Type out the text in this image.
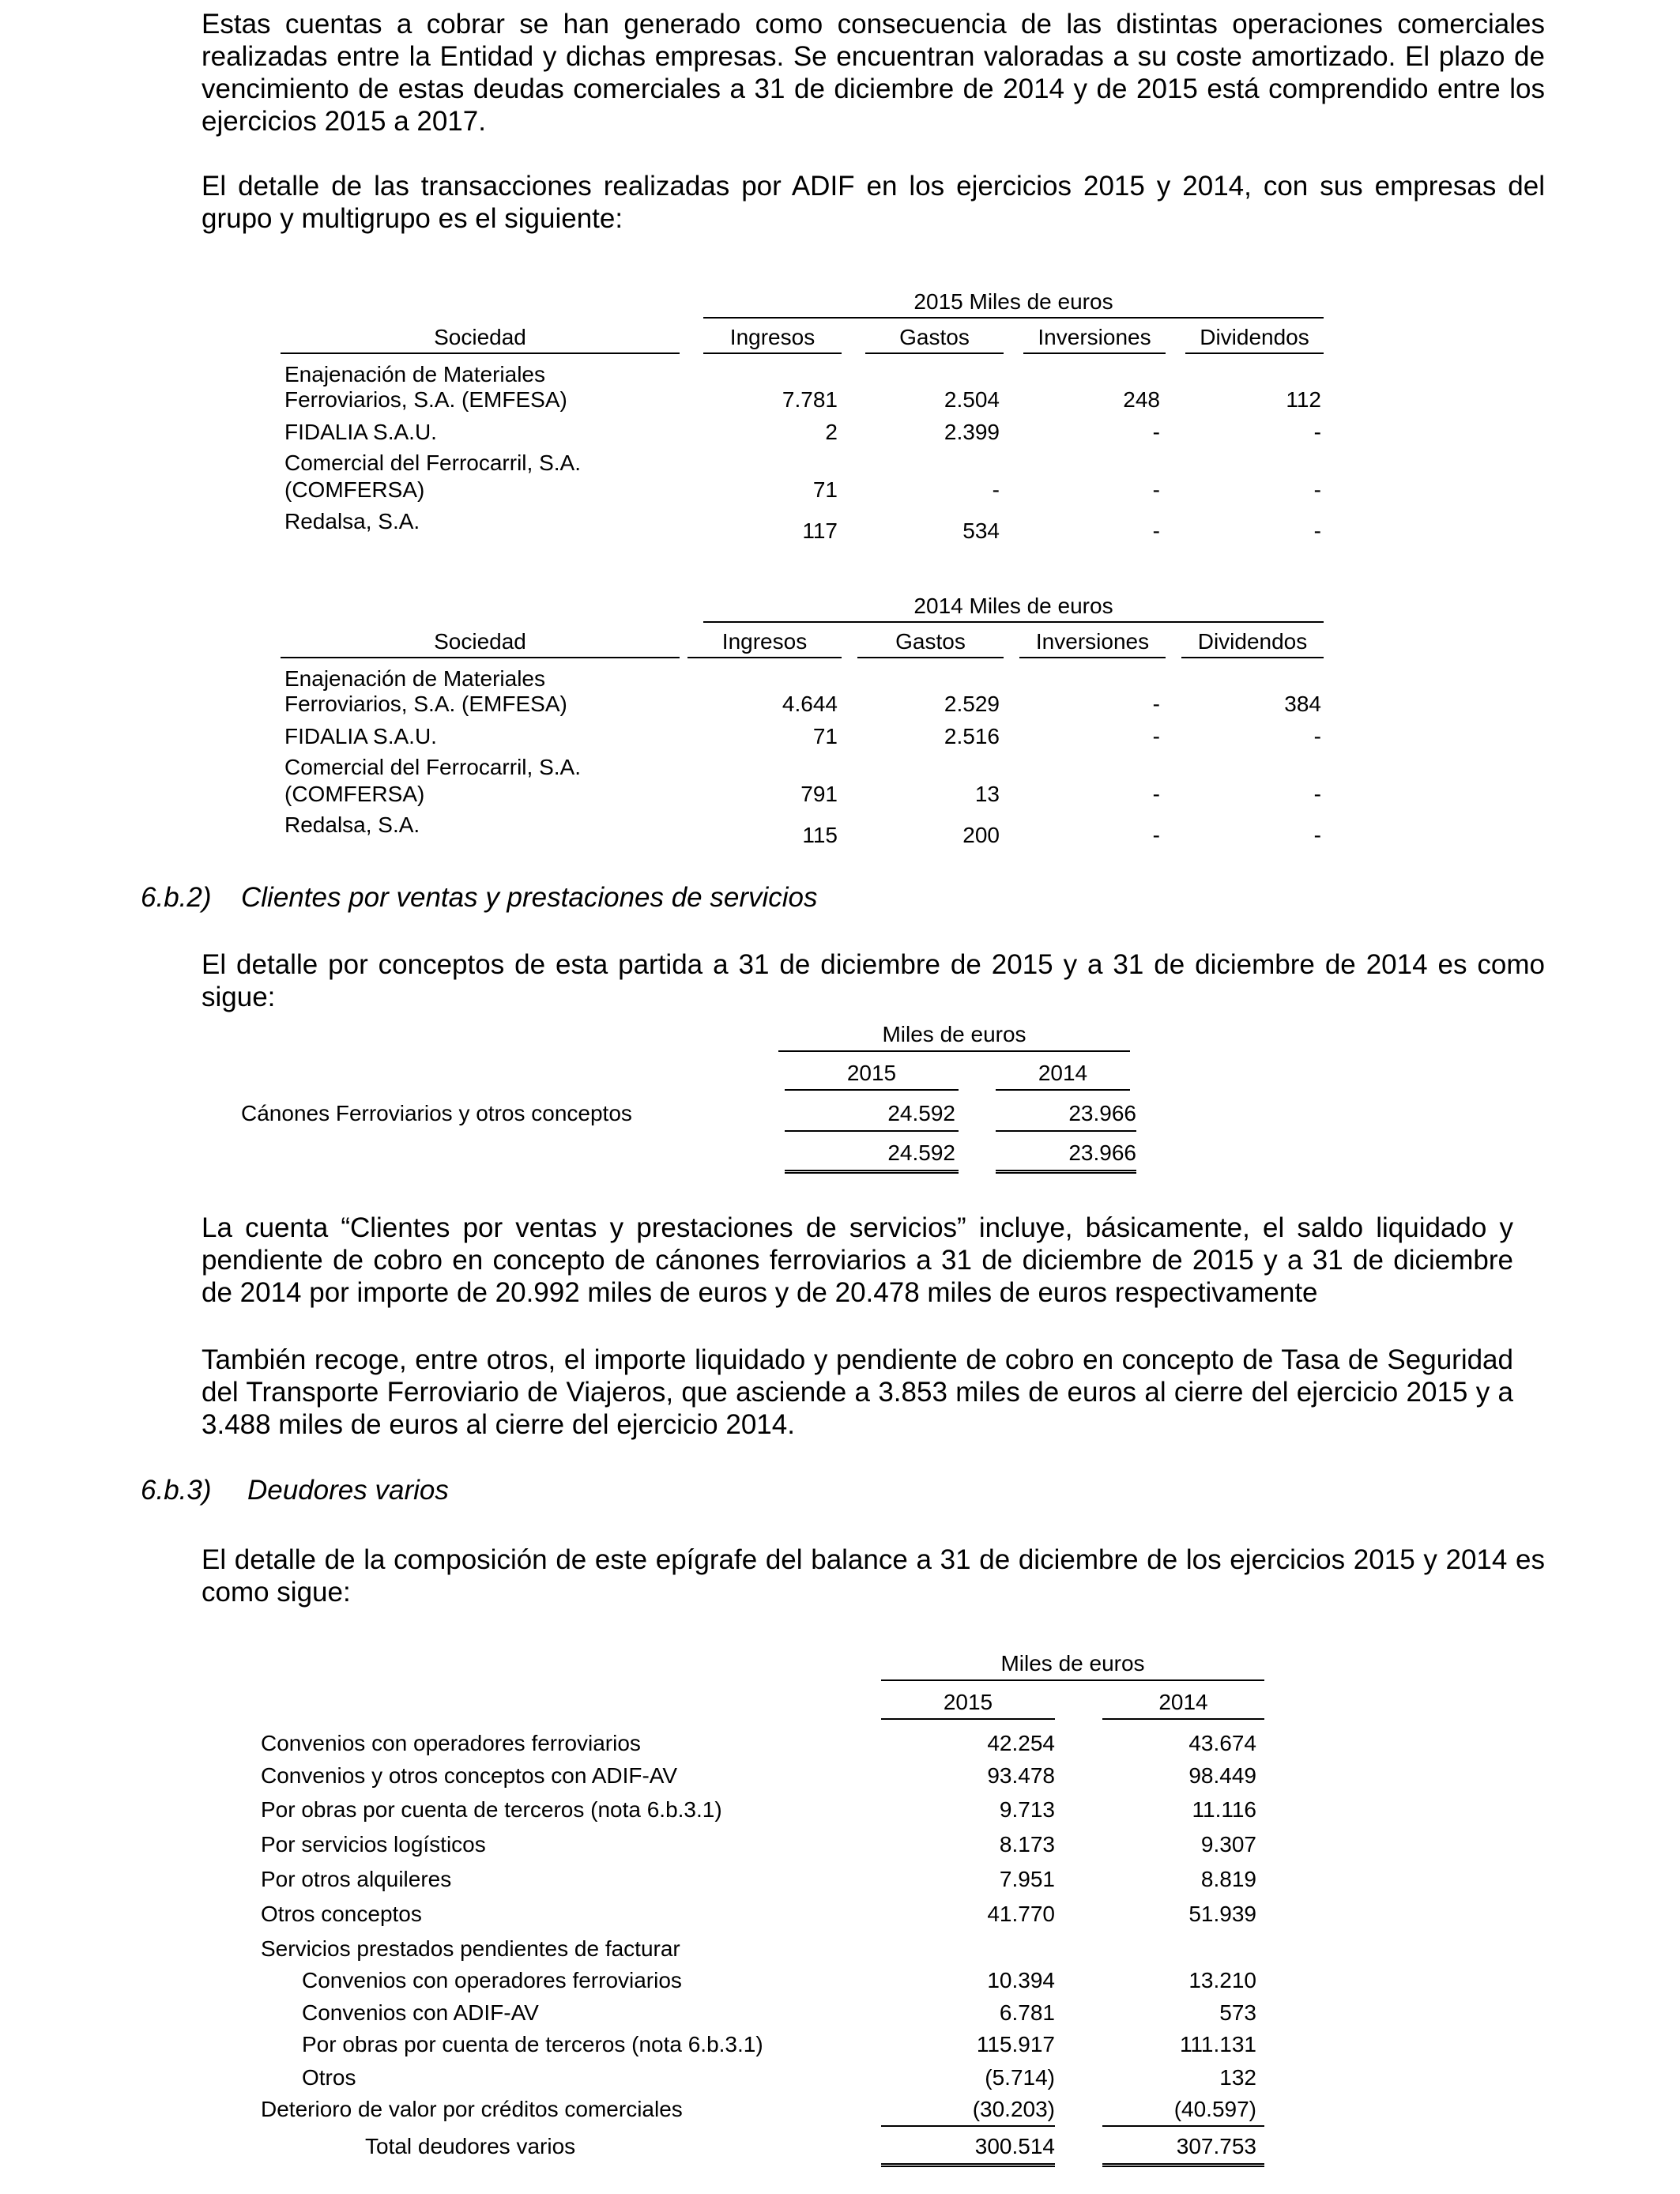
Estas cuentas a cobrar se han generado como consecuencia de las distintas operaciones comerciales realizadas entre la Entidad y dichas empresas. Se encuentran valoradas a su coste amortizado. El plazo de vencimiento de estas deudas comerciales a 31 de diciembre de 2014 y de 2015 está comprendido entre los ejercicios 2015 a 2017.
El detalle de las transacciones realizadas por ADIF en los ejercicios 2015 y 2014, con sus empresas del grupo y multigrupo es el siguiente:
2015 Miles de euros
Sociedad	Ingresos	Gastos	Inversiones	Dividendos
Enajenación de Materiales
Ferroviarios, S.A. (EMFESA)	7.781	2.504	248	112
FIDALIA S.A.U.	2	2.399	-	-
Comercial del Ferrocarril, S.A.
(COMFERSA)	71	-	-	-
Redalsa, S.A.	117	534	-	-
2014 Miles de euros
Sociedad	Ingresos	Gastos	Inversiones	Dividendos
Enajenación de Materiales
Ferroviarios, S.A. (EMFESA)	4.644	2.529	-	384
FIDALIA S.A.U.	71	2.516	-	-
Comercial del Ferrocarril, S.A.
(COMFERSA)	791	13	-	-
Redalsa, S.A.	115	200	-	-
6.b.2) Clientes por ventas y prestaciones de servicios
El detalle por conceptos de esta partida a 31 de diciembre de 2015 y a 31 de diciembre de 2014 es como sigue:
Miles de euros
2015	2014
Cánones Ferroviarios y otros conceptos	24.592	23.966
24.592	23.966
La cuenta “Clientes por ventas y prestaciones de servicios” incluye, básicamente, el saldo liquidado y pendiente de cobro en concepto de cánones ferroviarios a 31 de diciembre de 2015 y a 31 de diciembre de 2014 por importe de 20.992 miles de euros y de 20.478 miles de euros respectivamente
También recoge, entre otros, el importe liquidado y pendiente de cobro en concepto de Tasa de Seguridad del Transporte Ferroviario de Viajeros, que asciende a 3.853 miles de euros al cierre del ejercicio 2015 y a 3.488 miles de euros al cierre del ejercicio 2014.
6.b.3) Deudores varios
El detalle de la composición de este epígrafe del balance a 31 de diciembre de los ejercicios 2015 y 2014 es como sigue:
Miles de euros
2015	2014
Convenios con operadores ferroviarios	42.254	43.674
Convenios y otros conceptos con ADIF-AV	93.478	98.449
Por obras por cuenta de terceros (nota 6.b.3.1)	9.713	11.116
Por servicios logísticos	8.173	9.307
Por otros alquileres	7.951	8.819
Otros conceptos	41.770	51.939
Servicios prestados pendientes de facturar
Convenios con operadores ferroviarios	10.394	13.210
Convenios con ADIF-AV	6.781	573
Por obras por cuenta de terceros (nota 6.b.3.1)	115.917	111.131
Otros	(5.714)	132
Deterioro de valor por créditos comerciales	(30.203)	(40.597)
Total deudores varios	300.514	307.753
